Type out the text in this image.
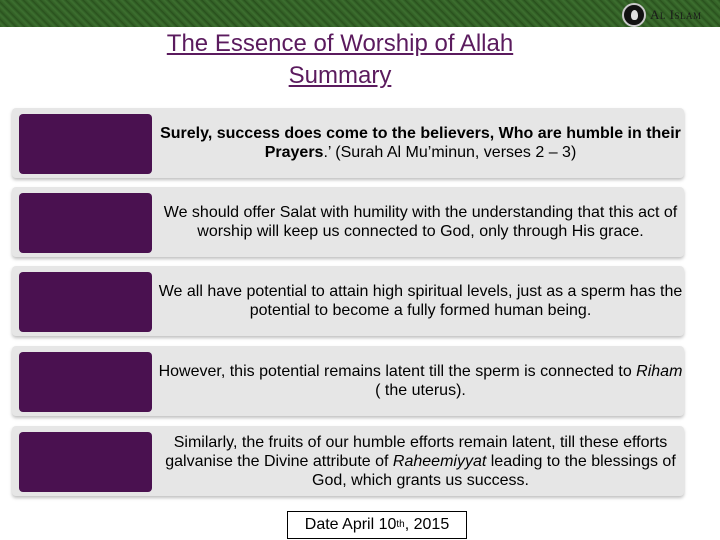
Al Islam
The Essence of Worship of Allah
Summary

Surely, success does come to the believers, Who are humble in their Prayers.’ (Surah Al Mu’minun, verses 2 – 3)

We should offer Salat with humility with the understanding that this act of worship will keep us connected to God, only through His grace.

We all have potential to attain high spiritual levels, just as a sperm has the potential to become a fully formed human being.

However, this potential remains latent till the sperm is connected to Riham ( the uterus).

Similarly, the fruits of our humble efforts remain latent, till these efforts galvanise the Divine attribute of Raheemiyyat leading to the blessings of God, which grants us success.

Date April 10 th , 2015
